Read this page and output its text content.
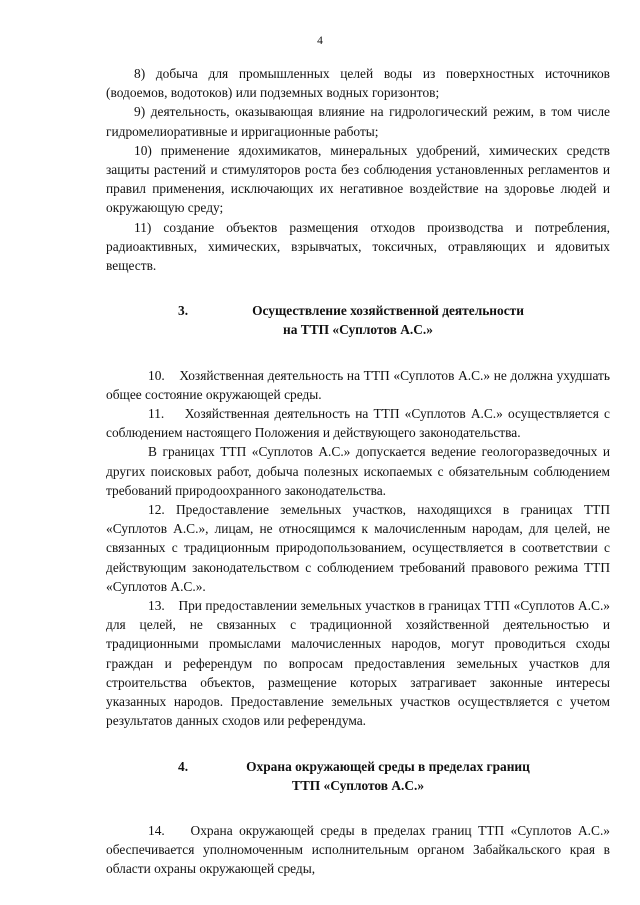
4

8) добыча для промышленных целей воды из поверхностных источников (водоемов, водотоков) или подземных водных горизонтов;

9) деятельность, оказывающая влияние на гидрологический режим, в том числе гидромелиоративные и ирригационные работы;

10) применение ядохимикатов, минеральных удобрений, химических средств защиты растений и стимуляторов роста без соблюдения установленных регламентов и правил применения, исключающих их негативное воздействие на здоровье людей и окружающую среду;

11) создание объектов размещения отходов производства и потребления, радиоактивных, химических, взрывчатых, токсичных, отравляющих и ядовитых веществ.

3.	Осуществление хозяйственной деятельности
на ТТП «Суплотов А.С.»

10.    Хозяйственная деятельность на ТТП «Суплотов А.С.» не должна ухудшать общее состояние окружающей среды.

11.    Хозяйственная деятельность на ТТП «Суплотов А.С.» осуществляется с соблюдением настоящего Положения и действующего законодательства.

В границах ТТП «Суплотов А.С.» допускается ведение геологоразведочных и других поисковых работ, добыча полезных ископаемых с обязательным соблюдением требований природоохранного законодательства.

12. Предоставление земельных участков, находящихся в границах ТТП «Суплотов А.С.», лицам, не относящимся к малочисленным народам, для целей, не связанных с традиционным природопользованием, осуществляется в соответствии с действующим законодательством с соблюдением требований правового режима ТТП «Суплотов А.С.».

13.    При предоставлении земельных участков в границах ТТП «Суплотов А.С.» для целей, не связанных с традиционной хозяйственной деятельностью и традиционными промыслами малочисленных народов, могут проводиться сходы граждан и референдум по вопросам предоставления земельных участков для строительства объектов, размещение которых затрагивает законные интересы указанных народов. Предоставление земельных участков осуществляется с учетом результатов данных сходов или референдума.

4.	Охрана окружающей среды в пределах границ
ТТП «Суплотов А.С.»

14.    Охрана окружающей среды в пределах границ ТТП «Суплотов А.С.» обеспечивается уполномоченным исполнительным органом Забайкальского края в области охраны окружающей среды,
